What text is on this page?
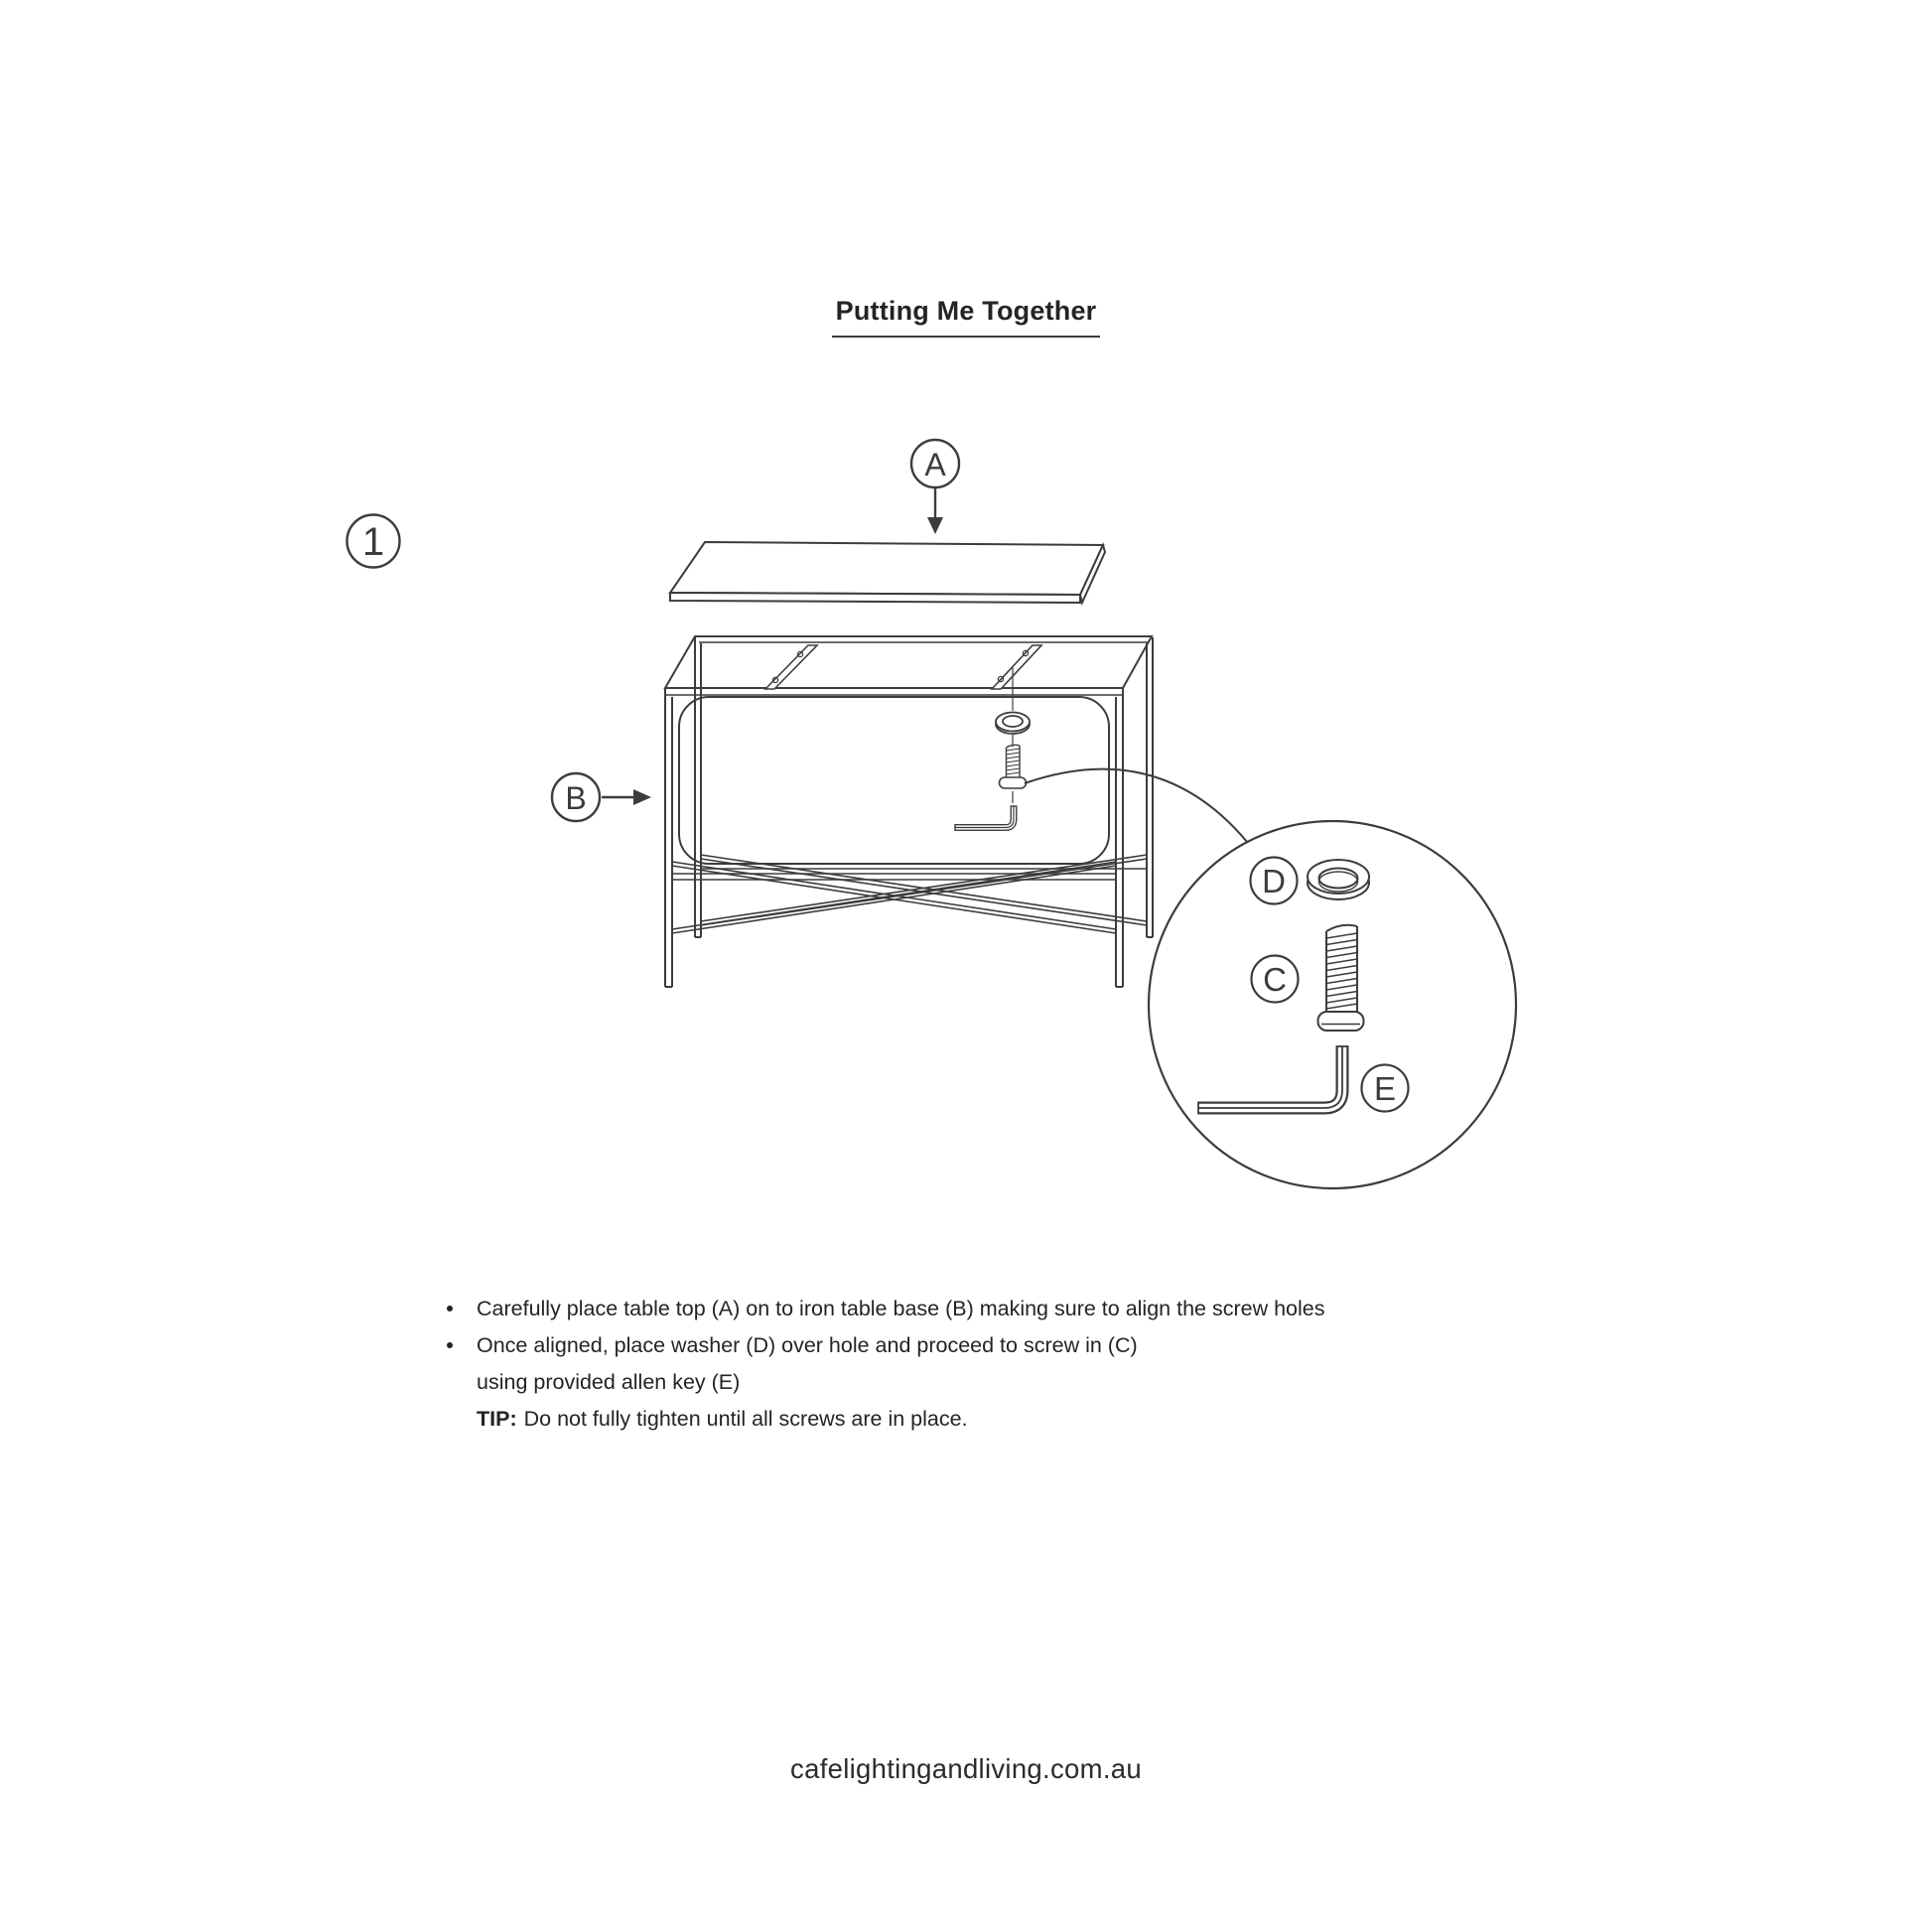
1
A
B
D
C
E
Putting Me Together
Carefully place table top (A) on to iron table base (B) making sure to align the screw holes
Once aligned, place washer (D) over hole and proceed to screw in (C)
using provided allen key (E)
TIP: Do not fully tighten until all screws are in place.
cafelightingandliving.com.au
